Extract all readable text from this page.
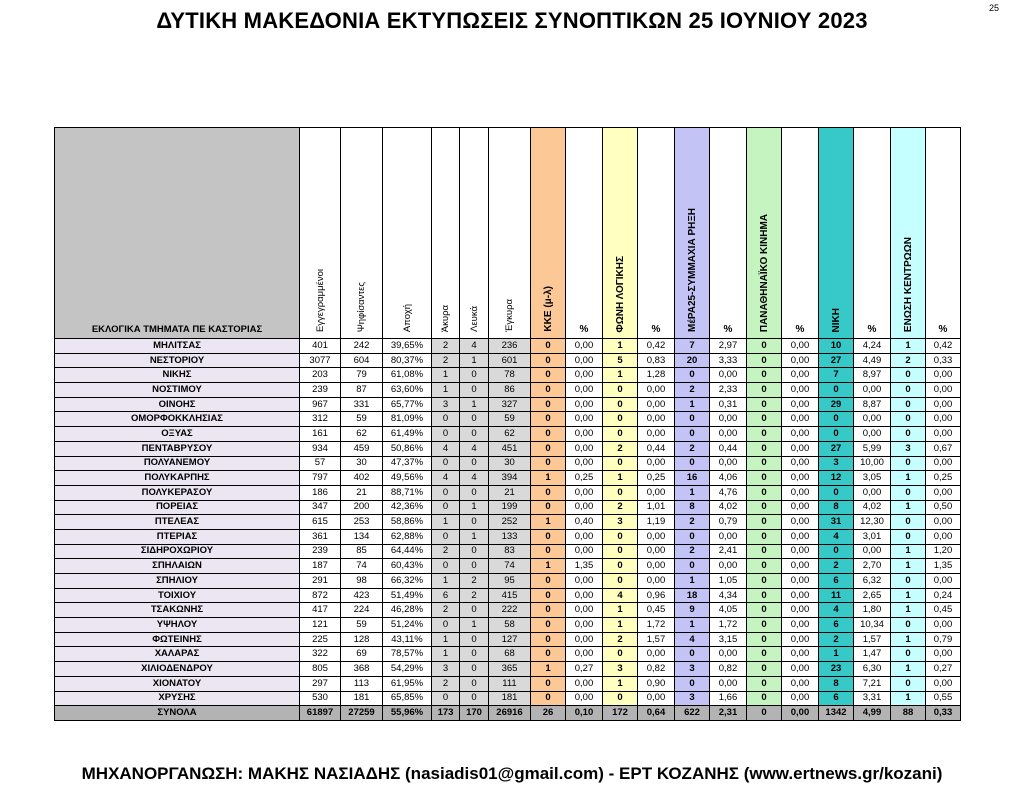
ΔΥΤΙΚΗ ΜΑΚΕΔΟΝΙΑ ΕΚΤΥΠΩΣΕΙΣ ΣΥΝΟΠΤΙΚΩΝ 25 ΙΟΥΝΙΟΥ 2023	25
ΕΚΛΟΓΙΚΑ ΤΜΗΜΑΤΑ ΠΕ ΚΑΣΤΟΡΙΑΣ	Εγγεγραμμένοι	Ψηφίσαντες	Αποχή	Άκυρα	Λευκά	Έγκυρα	ΚΚΕ (μ-λ)	%	ΦΩΝΗ ΛΟΓΙΚΗΣ	%	ΜέΡΑ25-ΣΥΜΜΑΧΙΑ ΡΗΞΗ	%	ΠΑΝΑΘΗΝΑΪΚΟ ΚΙΝΗΜΑ	%	ΝΙΚΗ	%	ΕΝΩΣΗ ΚΕΝΤΡΩΩΝ	%
ΜΗΛΙΤΣΑΣ	401	242	39,65%	2	4	236	0	0,00	1	0,42	7	2,97	0	0,00	10	4,24	1	0,42
ΝΕΣΤΟΡΙΟΥ	3077	604	80,37%	2	1	601	0	0,00	5	0,83	20	3,33	0	0,00	27	4,49	2	0,33
ΝΙΚΗΣ	203	79	61,08%	1	0	78	0	0,00	1	1,28	0	0,00	0	0,00	7	8,97	0	0,00
ΝΟΣΤΙΜΟΥ	239	87	63,60%	1	0	86	0	0,00	0	0,00	2	2,33	0	0,00	0	0,00	0	0,00
ΟΙΝΟΗΣ	967	331	65,77%	3	1	327	0	0,00	0	0,00	1	0,31	0	0,00	29	8,87	0	0,00
ΟΜΟΡΦΟΚΚΛΗΣΙΑΣ	312	59	81,09%	0	0	59	0	0,00	0	0,00	0	0,00	0	0,00	0	0,00	0	0,00
ΟΞΥΑΣ	161	62	61,49%	0	0	62	0	0,00	0	0,00	0	0,00	0	0,00	0	0,00	0	0,00
ΠΕΝΤΑΒΡΥΣΟΥ	934	459	50,86%	4	4	451	0	0,00	2	0,44	2	0,44	0	0,00	27	5,99	3	0,67
ΠΟΛΥΑΝΕΜΟΥ	57	30	47,37%	0	0	30	0	0,00	0	0,00	0	0,00	0	0,00	3	10,00	0	0,00
ΠΟΛΥΚΑΡΠΗΣ	797	402	49,56%	4	4	394	1	0,25	1	0,25	16	4,06	0	0,00	12	3,05	1	0,25
ΠΟΛΥΚΕΡΑΣΟΥ	186	21	88,71%	0	0	21	0	0,00	0	0,00	1	4,76	0	0,00	0	0,00	0	0,00
ΠΟΡΕΙΑΣ	347	200	42,36%	0	1	199	0	0,00	2	1,01	8	4,02	0	0,00	8	4,02	1	0,50
ΠΤΕΛΕΑΣ	615	253	58,86%	1	0	252	1	0,40	3	1,19	2	0,79	0	0,00	31	12,30	0	0,00
ΠΤΕΡΙΑΣ	361	134	62,88%	0	1	133	0	0,00	0	0,00	0	0,00	0	0,00	4	3,01	0	0,00
ΣΙΔΗΡΟΧΩΡΙΟΥ	239	85	64,44%	2	0	83	0	0,00	0	0,00	2	2,41	0	0,00	0	0,00	1	1,20
ΣΠΗΛΑΙΩΝ	187	74	60,43%	0	0	74	1	1,35	0	0,00	0	0,00	0	0,00	2	2,70	1	1,35
ΣΠΗΛΙΟΥ	291	98	66,32%	1	2	95	0	0,00	0	0,00	1	1,05	0	0,00	6	6,32	0	0,00
ΤΟΙΧΙΟΥ	872	423	51,49%	6	2	415	0	0,00	4	0,96	18	4,34	0	0,00	11	2,65	1	0,24
ΤΣΑΚΩΝΗΣ	417	224	46,28%	2	0	222	0	0,00	1	0,45	9	4,05	0	0,00	4	1,80	1	0,45
ΥΨΗΛΟΥ	121	59	51,24%	0	1	58	0	0,00	1	1,72	1	1,72	0	0,00	6	10,34	0	0,00
ΦΩΤΕΙΝΗΣ	225	128	43,11%	1	0	127	0	0,00	2	1,57	4	3,15	0	0,00	2	1,57	1	0,79
ΧΑΛΑΡΑΣ	322	69	78,57%	1	0	68	0	0,00	0	0,00	0	0,00	0	0,00	1	1,47	0	0,00
ΧΙΛΙΟΔΕΝΔΡΟΥ	805	368	54,29%	3	0	365	1	0,27	3	0,82	3	0,82	0	0,00	23	6,30	1	0,27
ΧΙΟΝΑΤΟΥ	297	113	61,95%	2	0	111	0	0,00	1	0,90	0	0,00	0	0,00	8	7,21	0	0,00
ΧΡΥΣΗΣ	530	181	65,85%	0	0	181	0	0,00	0	0,00	3	1,66	0	0,00	6	3,31	1	0,55
ΣΥΝΟΛΑ	61897	27259	55,96%	173	170	26916	26	0,10	172	0,64	622	2,31	0	0,00	1342	4,99	88	0,33
ΜΗΧΑΝΟΡΓΑΝΩΣΗ: ΜΑΚΗΣ ΝΑΣΙΑΔΗΣ (nasiadis01@gmail.com) - ΕΡΤ ΚΟΖΑΝΗΣ (www.ertnews.gr/kozani)
